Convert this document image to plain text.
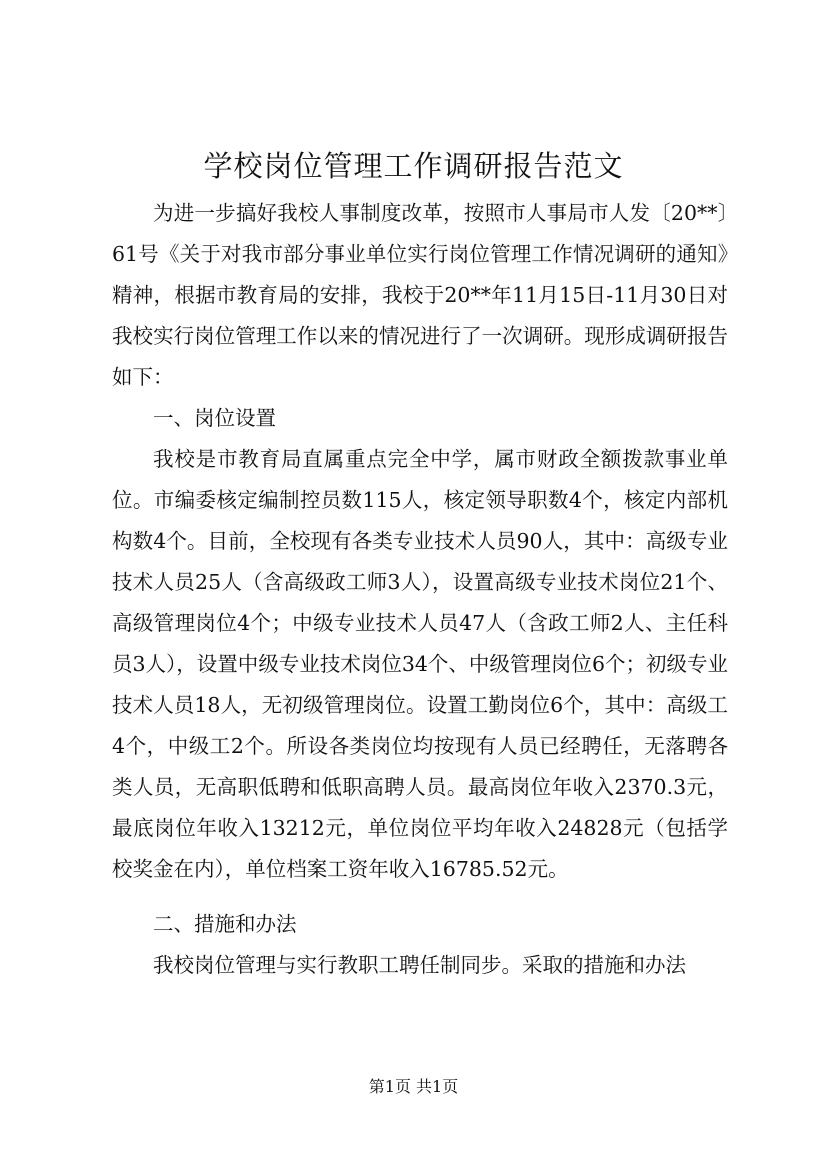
学校岗位管理工作调研报告范文

为进一步搞好我校人事制度改革，按照市人事局市人发〔20**〕61号《关于对我市部分事业单位实行岗位管理工作情况调研的通知》精神，根据市教育局的安排，我校于20**年11月15日-11月30日对我校实行岗位管理工作以来的情况进行了一次调研。现形成调研报告如下：

一、岗位设置

我校是市教育局直属重点完全中学，属市财政全额拨款事业单位。市编委核定编制控员数115人，核定领导职数4个，核定内部机构数4个。目前，全校现有各类专业技术人员90人，其中：高级专业技术人员25人（含高级政工师3人），设置高级专业技术岗位21个、高级管理岗位4个；中级专业技术人员47人（含政工师2人、主任科员3人），设置中级专业技术岗位34个、中级管理岗位6个；初级专业技术人员18人，无初级管理岗位。设置工勤岗位6个，其中：高级工4个，中级工2个。所设各类岗位均按现有人员已经聘任，无落聘各类人员，无高职低聘和低职高聘人员。最高岗位年收入2370.3元，最底岗位年收入13212元，单位岗位平均年收入24828元（包括学校奖金在内），单位档案工资年收入16785.52元。

二、措施和办法

我校岗位管理与实行教职工聘任制同步。采取的措施和办法

第1页 共1页
